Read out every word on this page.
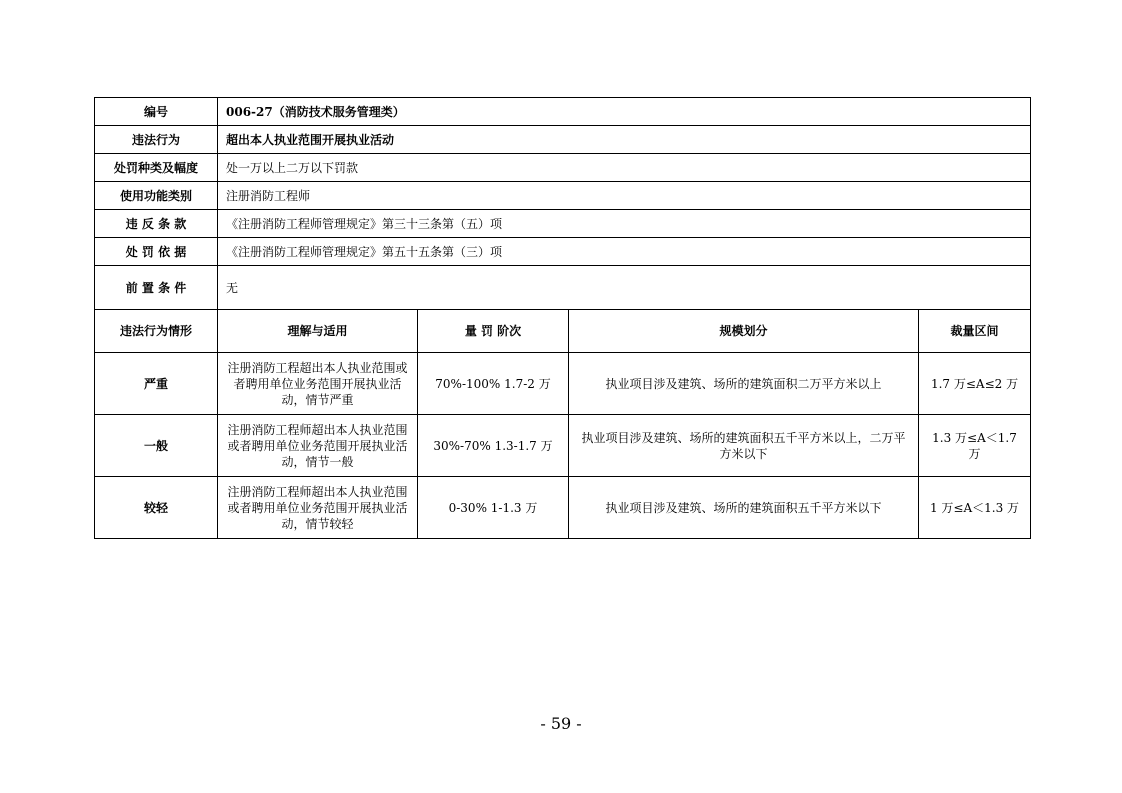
编号	006-27（消防技术服务管理类）			
违法行为	超出本人执业范围开展执业活动			
处罚种类及幅度	处一万以上二万以下罚款			
使用功能类别	注册消防工程师			
违 反 条 款	《注册消防工程师管理规定》第三十三条第（五）项			
处 罚 依 据	《注册消防工程师管理规定》第五十五条第（三）项			
前 置 条 件	无			
违法行为情形	理解与适用	量 罚 阶次	规模划分	裁量区间
严重	注册消防工程超出本人执业范围或者聘用单位业务范围开展执业活动，情节严重	70%-100% 1.7-2 万	执业项目涉及建筑、场所的建筑面积二万平方米以上	1.7 万≤A≤2 万
一般	注册消防工程师超出本人执业范围或者聘用单位业务范围开展执业活动，情节一般	30%-70% 1.3-1.7 万	执业项目涉及建筑、场所的建筑面积五千平方米以上，二万平方米以下	1.3 万≤A＜1.7 万
较轻	注册消防工程师超出本人执业范围或者聘用单位业务范围开展执业活动，情节较轻	0-30% 1-1.3 万	执业项目涉及建筑、场所的建筑面积五千平方米以下	1 万≤A＜1.3 万
- 59 -
